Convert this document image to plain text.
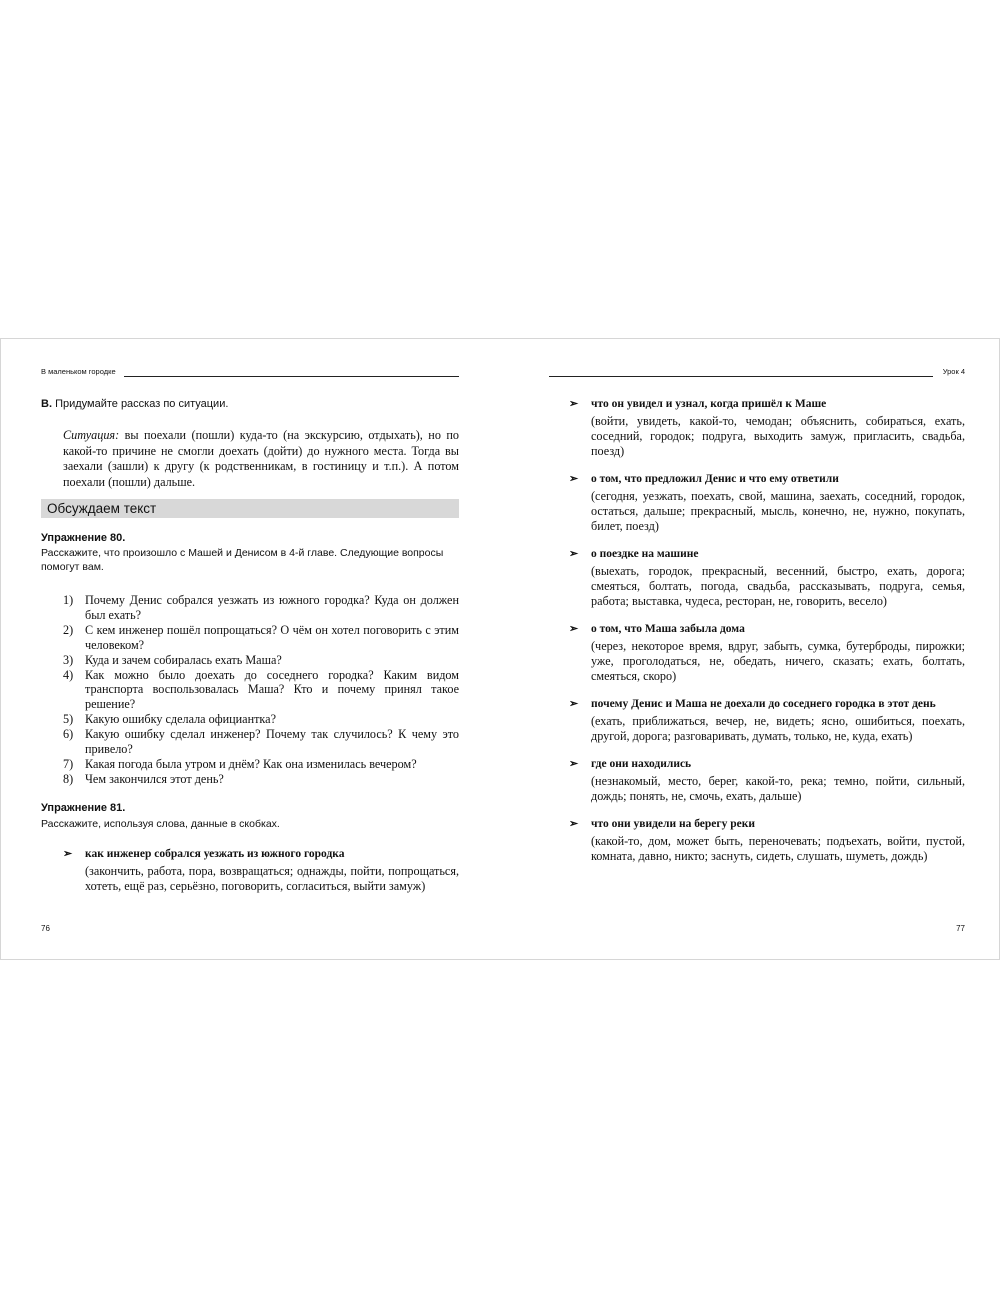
В маленьком городке
В. Придумайте рассказ по ситуации.
Ситуация: вы поехали (пошли) куда-то (на экскурсию, отдыхать), но по какой-то причине не смогли доехать (дойти) до нужного места. Тогда вы заехали (зашли) к другу (к родственникам, в гостиницу и т.п.). А потом поехали (пошли) дальше.
Обсуждаем текст
Упражнение 80.
Расскажите, что произошло с Машей и Денисом в 4-й главе. Следующие вопросы помогут вам.
1) Почему Денис собрался уезжать из южного городка? Куда он должен был ехать?
2) С кем инженер пошёл попрощаться? О чём он хотел поговорить с этим человеком?
3) Куда и зачем собиралась ехать Маша?
4) Как можно было доехать до соседнего городка? Каким видом транспорта воспользовалась Маша? Кто и почему принял такое решение?
5) Какую ошибку сделала официантка?
6) Какую ошибку сделал инженер? Почему так случилось? К чему это привело?
7) Какая погода была утром и днём? Как она изменилась вечером?
8) Чем закончился этот день?
Упражнение 81.
Расскажите, используя слова, данные в скобках.
➢ как инженер собрался уезжать из южного городка
(закончить, работа, пора, возвращаться; однажды, пойти, попрощаться, хотеть, ещё раз, серьёзно, поговорить, согласиться, выйти замуж)
76
Урок 4
➢ что он увидел и узнал, когда пришёл к Маше
(войти, увидеть, какой-то, чемодан; объяснить, собираться, ехать, соседний, городок; подруга, выходить замуж, пригласить, свадьба, поезд)
➢ о том, что предложил Денис и что ему ответили
(сегодня, уезжать, поехать, свой, машина, заехать, соседний, городок, остаться, дальше; прекрасный, мысль, конечно, не, нужно, покупать, билет, поезд)
➢ о поездке на машине
(выехать, городок, прекрасный, весенний, быстро, ехать, дорога; смеяться, болтать, погода, свадьба, рассказывать, подруга, семья, работа; выставка, чудеса, ресторан, не, говорить, весело)
➢ о том, что Маша забыла дома
(через, некоторое время, вдруг, забыть, сумка, бутерброды, пирожки; уже, проголодаться, не, обедать, ничего, сказать; ехать, болтать, смеяться, скоро)
➢ почему Денис и Маша не доехали до соседнего городка в этот день
(ехать, приближаться, вечер, не, видеть; ясно, ошибиться, поехать, другой, дорога; разговаривать, думать, только, не, куда, ехать)
➢ где они находились
(незнакомый, место, берег, какой-то, река; темно, пойти, сильный, дождь; понять, не, смочь, ехать, дальше)
➢ что они увидели на берегу реки
(какой-то, дом, может быть, переночевать; подъехать, войти, пустой, комната, давно, никто; заснуть, сидеть, слушать, шуметь, дождь)
77
